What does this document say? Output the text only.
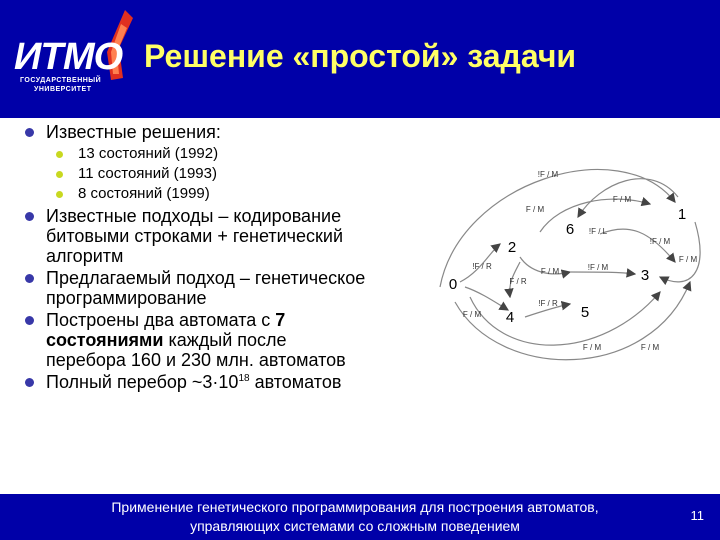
ИТМО
ГОСУДАРСТВЕННЫЙ
УНИВЕРСИТЕТ
Решение «простой» задачи
Известные решения:
13 состояний (1992)
11 состояний (1993)
8 состояний (1999)
Известные подходы – кодирование битовыми строками + генетический алгоритм
Предлагаемый подход – генетическое программирование
Построены два автомата с 7 состояниями каждый после перебора 160 и 230 млн. автоматов
Полный перебор $\sim 3\cdot 10^{18}$ автоматов
0
1
2
3
4	5
6
!F / M
F / M
F / M
!F / L
!F / M
F / M
!F / R
F / M	!F / M
F / R
!F / R
F / M
F / M	F / M
Применение генетического программирования для построения автоматов,
управляющих системами со сложным поведением
11
